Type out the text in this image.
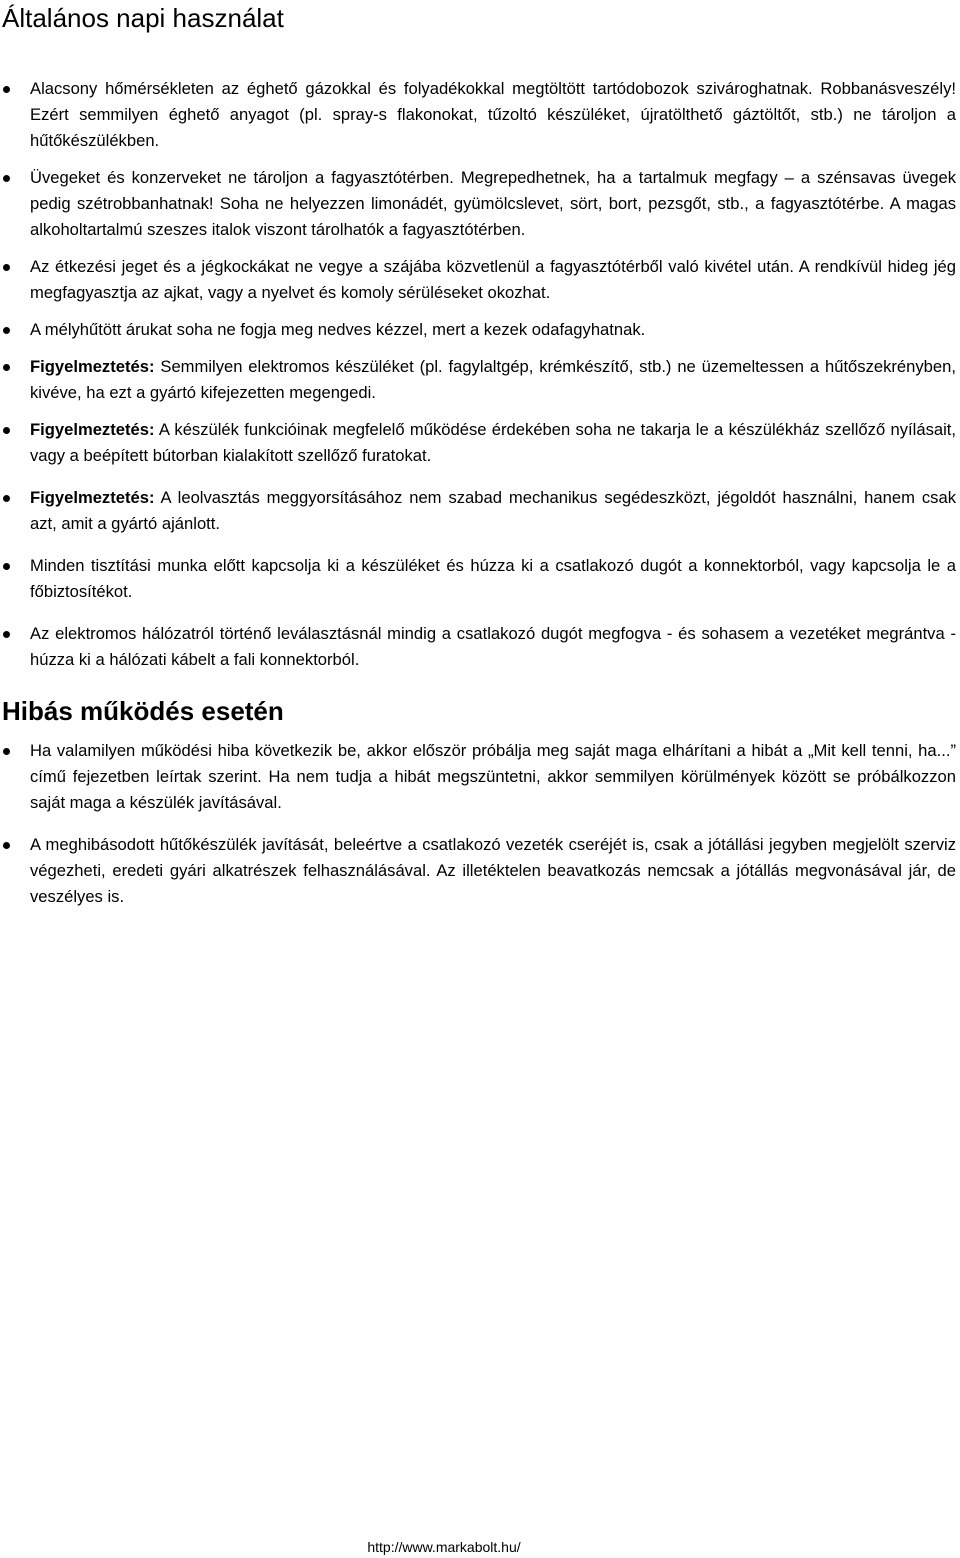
Általános napi használat
Alacsony hőmérsékleten az éghető gázokkal és folyadékokkal megtöltött tartódobozok szivároghatnak. Robbanásveszély! Ezért semmilyen éghető anyagot (pl. spray-s flakonokat, tűzoltó készüléket, újratölthető gáztöltőt, stb.) ne tároljon a hűtőkészülékben.
Üvegeket és konzerveket ne tároljon a fagyasztótérben. Megrepedhetnek, ha a tartalmuk megfagy – a szénsavas üvegek pedig szétrobbanhatnak! Soha ne helyezzen limonádét, gyümölcslevet, sört, bort, pezsgőt, stb., a fagyasztótérbe. A magas alkoholtartalmú szeszes italok viszont tárolhatók a fagyasztótérben.
Az étkezési jeget és a jégkockákat ne vegye a szájába közvetlenül a fagyasztótérből való kivétel után. A rendkívül hideg jég megfagyasztja az ajkat, vagy a nyelvet és komoly sérüléseket okozhat.
A mélyhűtött árukat soha ne fogja meg nedves kézzel, mert a kezek odafagyhatnak.
Figyelmeztetés: Semmilyen elektromos készüléket (pl. fagylaltgép, krémkészítő, stb.) ne üzemeltessen a hűtőszekrényben, kivéve, ha ezt a gyártó kifejezetten megengedi.
Figyelmeztetés: A készülék funkcióinak megfelelő működése érdekében soha ne takarja le a készülékház szellőző nyílásait, vagy a beépített bútorban kialakított szellőző furatokat.
Figyelmeztetés: A leolvasztás meggyorsításához nem szabad mechanikus segédeszközt, jégoldót használni, hanem csak azt, amit a gyártó ajánlott.
Minden tisztítási munka előtt kapcsolja ki a készüléket és húzza ki a csatlakozó dugót a konnektorból, vagy kapcsolja le a főbiztosítékot.
Az elektromos hálózatról történő leválasztásnál mindig a csatlakozó dugót megfogva - és sohasem a vezetéket megrántva - húzza ki a hálózati kábelt a fali konnektorból.
Hibás működés esetén
Ha valamilyen működési hiba következik be, akkor először próbálja meg saját maga elhárítani a hibát a „Mit kell tenni, ha...” című fejezetben leírtak szerint. Ha nem tudja a hibát megszüntetni, akkor semmilyen körülmények között se próbálkozzon saját maga a készülék javításával.
A meghibásodott hűtőkészülék javítását, beleértve a csatlakozó vezeték cseréjét is, csak a jótállási jegyben megjelölt szerviz végezheti, eredeti gyári alkatrészek felhasználásával. Az illetéktelen beavatkozás nemcsak a jótállás megvonásával jár, de veszélyes is.
http://www.markabolt.hu/
